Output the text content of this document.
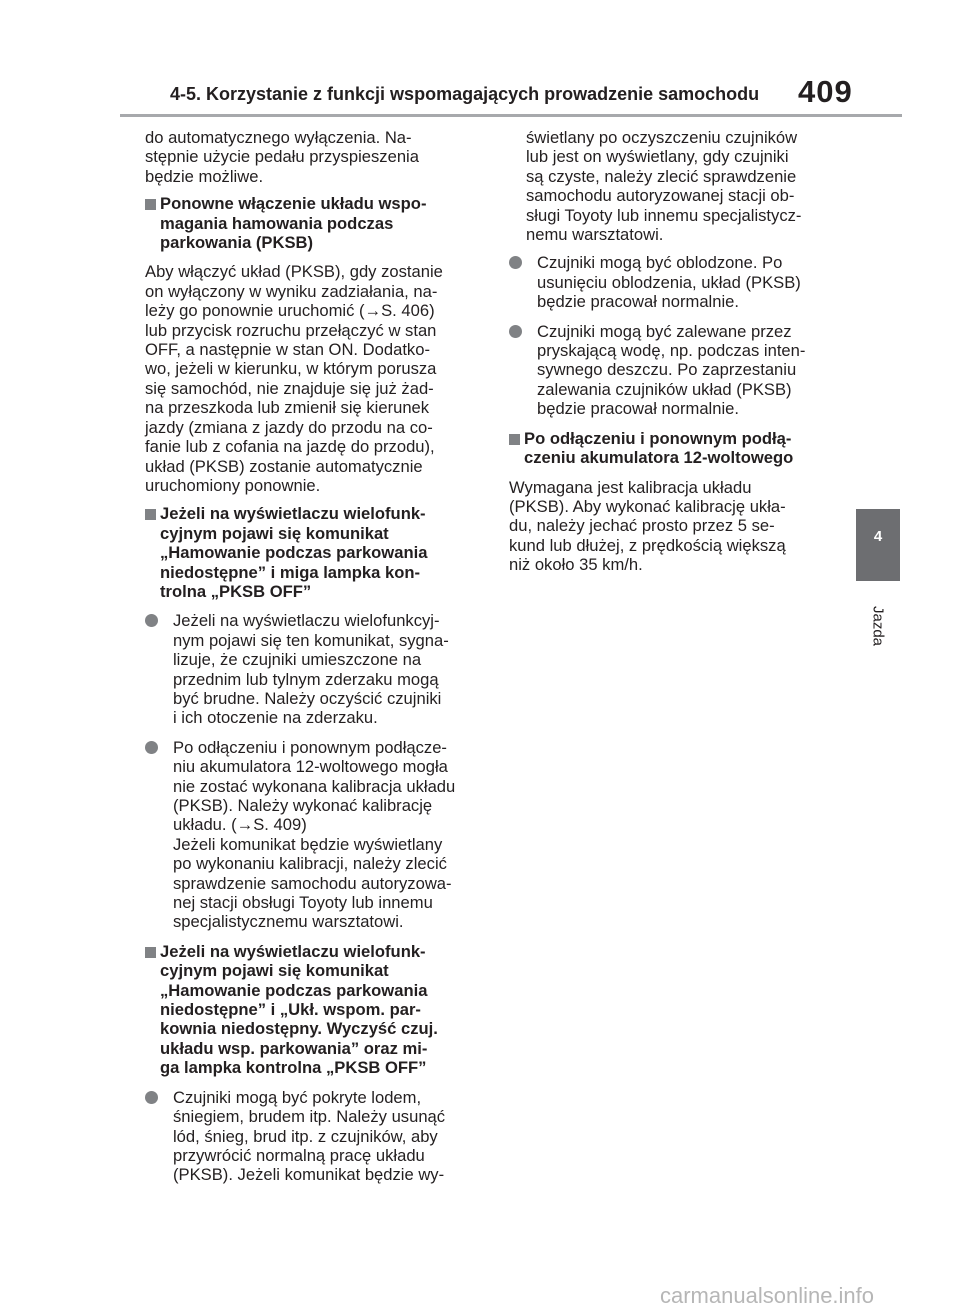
4-5. Korzystanie z funkcji wspomagających prowadzenie samochodu 409

do automatycznego wyłączenia. Na-
stępnie użycie pedału przyspieszenia
będzie możliwe.

Ponowne włączenie układu wspo-
magania hamowania podczas
parkowania (PKSB)

Aby włączyć układ (PKSB), gdy zostanie
on wyłączony w wyniku zadziałania, na-
leży go ponownie uruchomić (→S. 406)
lub przycisk rozruchu przełączyć w stan
OFF, a następnie w stan ON. Dodatko-
wo, jeżeli w kierunku, w którym porusza
się samochód, nie znajduje się już żad-
na przeszkoda lub zmienił się kierunek
jazdy (zmiana z jazdy do przodu na co-
fanie lub z cofania na jazdę do przodu),
układ (PKSB) zostanie automatycznie
uruchomiony ponownie.

Jeżeli na wyświetlaczu wielofunk-
cyjnym pojawi się komunikat
„Hamowanie podczas parkowania
niedostępne” i miga lampka kon-
trolna „PKSB OFF”
Jeżeli na wyświetlaczu wielofunkcyj-
nym pojawi się ten komunikat, sygna-
lizuje, że czujniki umieszczone na
przednim lub tylnym zderzaku mogą
być brudne. Należy oczyścić czujniki
i ich otoczenie na zderzaku.
Po odłączeniu i ponownym podłącze-
niu akumulatora 12-woltowego mogła
nie zostać wykonana kalibracja układu
(PKSB). Należy wykonać kalibrację
układu. (→S. 409)
Jeżeli komunikat będzie wyświetlany
po wykonaniu kalibracji, należy zlecić
sprawdzenie samochodu autoryzowa-
nej stacji obsługi Toyoty lub innemu
specjalistycznemu warsztatowi.
Jeżeli na wyświetlaczu wielofunk-
cyjnym pojawi się komunikat
„Hamowanie podczas parkowania
niedostępne” i „Ukł. wspom. par-
kownia niedostępny. Wyczyść czuj.
układu wsp. parkowania” oraz mi-
ga lampka kontrolna „PKSB OFF”
Czujniki mogą być pokryte lodem,
śniegiem, brudem itp. Należy usunąć
lód, śnieg, brud itp. z czujników, aby
przywrócić normalną pracę układu
(PKSB). Jeżeli komunikat będzie wy-

świetlany po oczyszczeniu czujników
lub jest on wyświetlany, gdy czujniki
są czyste, należy zlecić sprawdzenie
samochodu autoryzowanej stacji ob-
sługi Toyoty lub innemu specjalistycz-
nemu warsztatowi.

Czujniki mogą być oblodzone. Po
usunięciu oblodzenia, układ (PKSB)
będzie pracował normalnie.
Czujniki mogą być zalewane przez
pryskającą wodę, np. podczas inten-
sywnego deszczu. Po zaprzestaniu
zalewania czujników układ (PKSB)
będzie pracował normalnie.
Po odłączeniu i ponownym podłą-
czeniu akumulatora 12-woltowego

Wymagana jest kalibracja układu
(PKSB). Aby wykonać kalibrację ukła-
du, należy jechać prosto przez 5 se-
kund lub dłużej, z prędkością większą
niż około 35 km/h.

4
Jazda
carmanualsonline.info
